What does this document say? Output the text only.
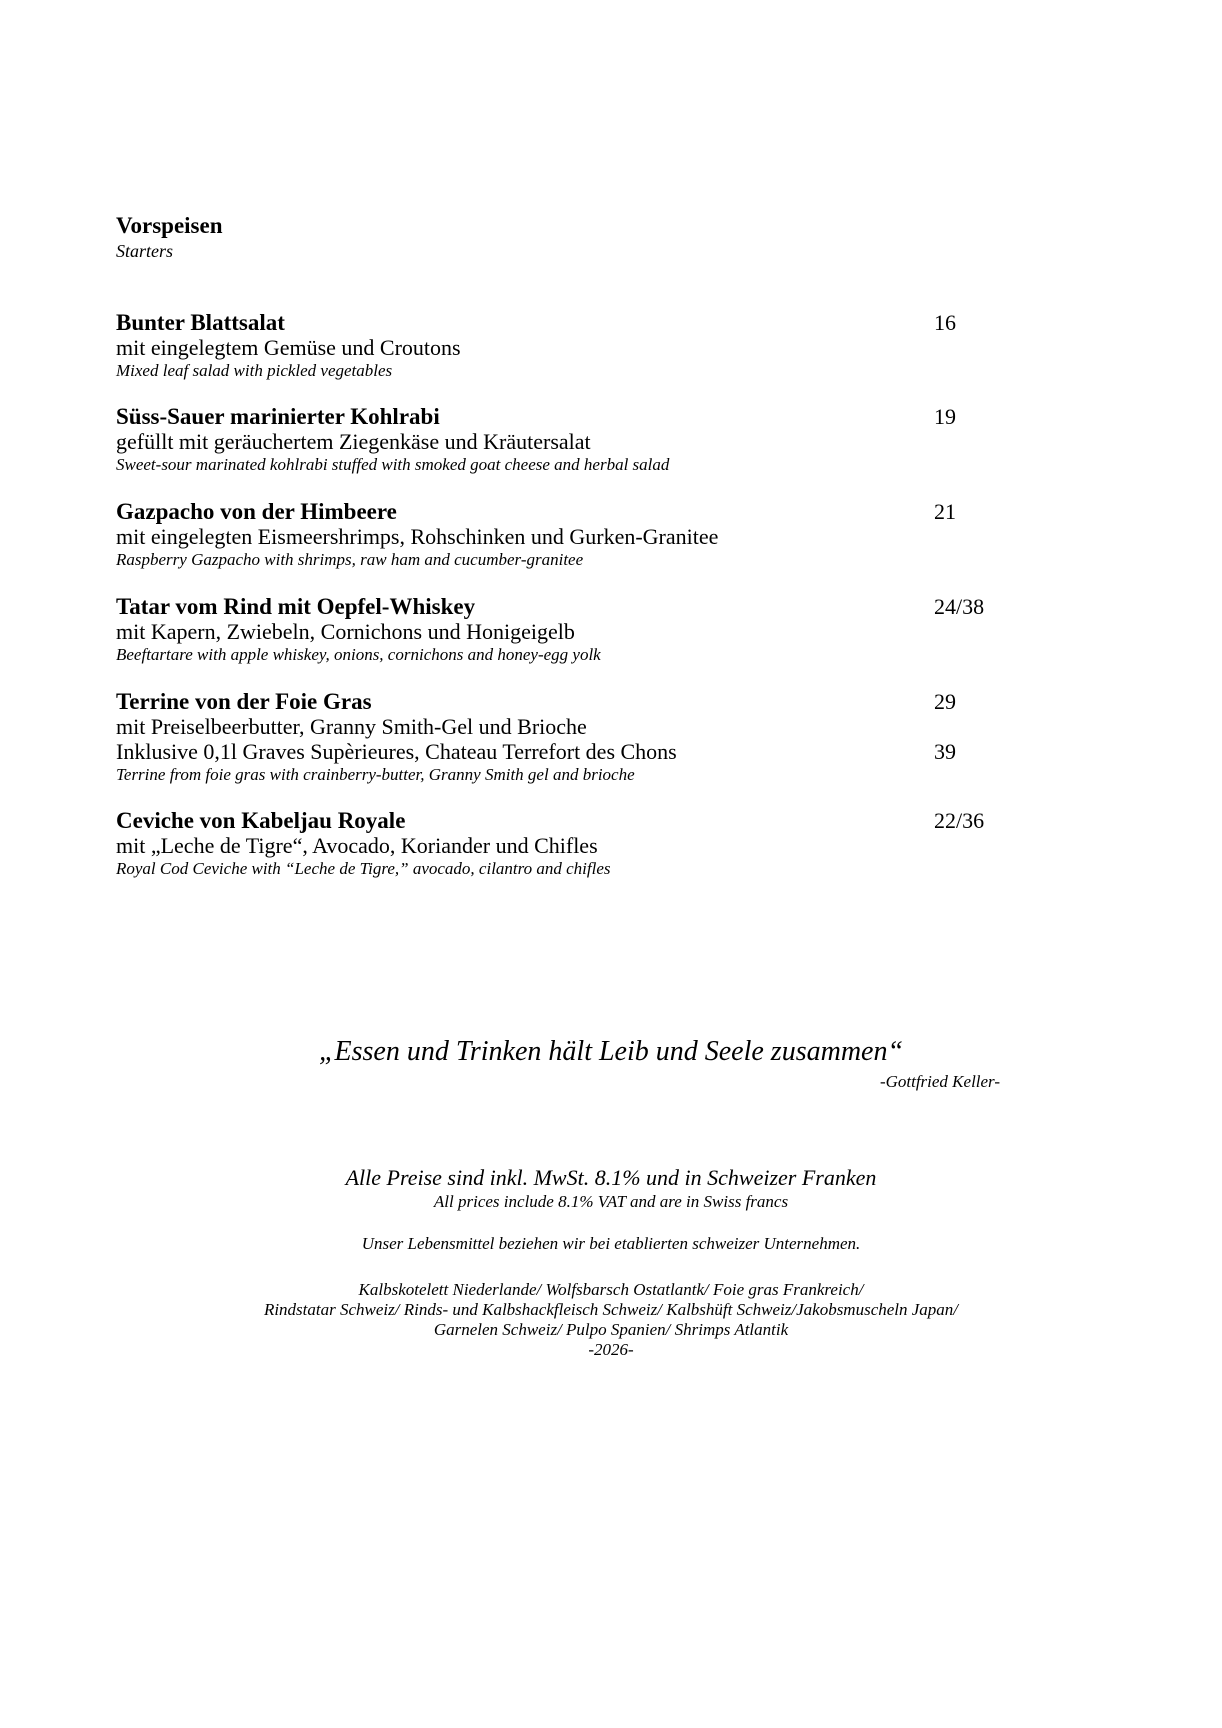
Vorspeisen
Starters
Bunter Blattsalat
mit eingelegtem Gemüse und Croutons
Mixed leaf salad with pickled vegetables
16
Süss-Sauer marinierter Kohlrabi
gefüllt mit geräuchertem Ziegenkäse und Kräutersalat
Sweet-sour marinated kohlrabi stuffed with smoked goat cheese and herbal salad
19
Gazpacho von der Himbeere
mit eingelegten Eismeershrimps, Rohschinken und Gurken-Granitee
Raspberry Gazpacho with shrimps, raw ham and cucumber-granitee
21
Tatar vom Rind mit Oepfel-Whiskey
mit Kapern, Zwiebeln, Cornichons und Honigeigelb
Beeftartare with apple whiskey, onions, cornichons and honey-egg yolk
24/38
Terrine von der Foie Gras
mit Preiselbeerbutter, Granny Smith-Gel und Brioche
Inklusive 0,1l Graves Supèrieures, Chateau Terrefort des Chons
Terrine from foie gras with crainberry-butter, Granny Smith gel and brioche
29
39
Ceviche von Kabeljau Royale
mit „Leche de Tigre“, Avocado, Koriander und Chifles
Royal Cod Ceviche with “Leche de Tigre,” avocado, cilantro and chifles
22/36
„Essen und Trinken hält Leib und Seele zusammen“
-Gottfried Keller-
Alle Preise sind inkl. MwSt. 8.1% und in Schweizer Franken
All prices include 8.1% VAT and are in Swiss francs
Unser Lebensmittel beziehen wir bei etablierten schweizer Unternehmen.
Kalbskotelett Niederlande/ Wolfsbarsch Ostatlantk/ Foie gras Frankreich/
Rindstatar Schweiz/ Rinds- und Kalbshackfleisch Schweiz/ Kalbshüft Schweiz/Jakobsmuscheln Japan/
Garnelen Schweiz/ Pulpo Spanien/ Shrimps Atlantik
-2026-
